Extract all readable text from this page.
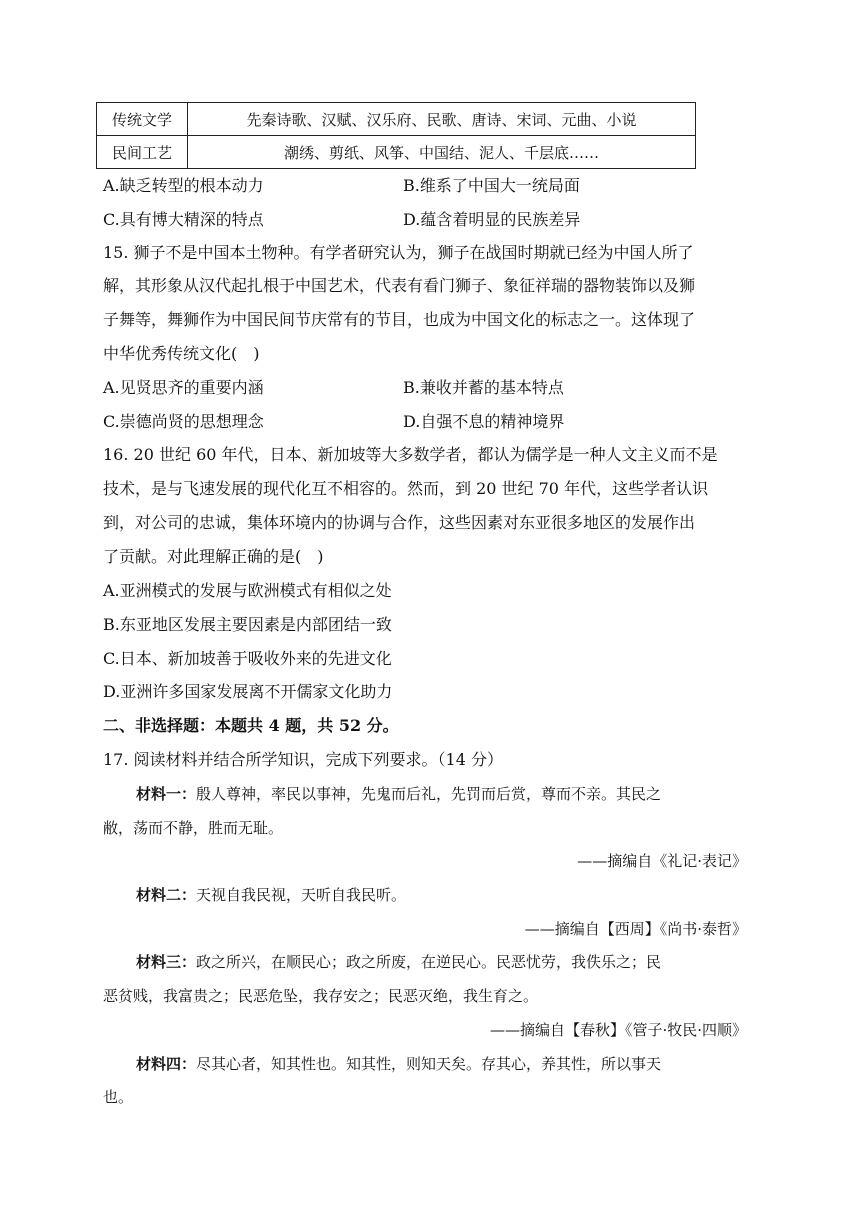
传统文学	先秦诗歌、汉赋、汉乐府、民歌、唐诗、宋词、元曲、小说
民间工艺	潮绣、剪纸、风筝、中国结、泥人、千层底……
A.缺乏转型的根本动力	B.维系了中国大一统局面
C.具有博大精深的特点	D.蕴含着明显的民族差异
15. 狮子不是中国本土物种。有学者研究认为，狮子在战国时期就已经为中国人所了
解，其形象从汉代起扎根于中国艺术，代表有看门狮子、象征祥瑞的器物装饰以及狮
子舞等，舞狮作为中国民间节庆常有的节目，也成为中国文化的标志之一。这体现了
中华优秀传统文化(　)
A.见贤思齐的重要内涵	B.兼收并蓄的基本特点
C.崇德尚贤的思想理念	D.自强不息的精神境界
16. 20 世纪 60 年代，日本、新加坡等大多数学者，都认为儒学是一种人文主义而不是
技术，是与飞速发展的现代化互不相容的。然而，到 20 世纪 70 年代，这些学者认识
到，对公司的忠诚，集体环境内的协调与合作，这些因素对东亚很多地区的发展作出
了贡献。对此理解正确的是(　)
A.亚洲模式的发展与欧洲模式有相似之处
B.东亚地区发展主要因素是内部团结一致
C.日本、新加坡善于吸收外来的先进文化
D.亚洲许多国家发展离不开儒家文化助力
二、非选择题：本题共 4 题，共 52 分。
17. 阅读材料并结合所学知识，完成下列要求。（14 分）
材料一：殷人尊神，率民以事神，先鬼而后礼，先罚而后赏，尊而不亲。其民之
敝，荡而不静，胜而无耻。
——摘编自《礼记·表记》
材料二：天视自我民视，天听自我民听。
——摘编自【西周】《尚书·泰哲》
材料三：政之所兴，在顺民心；政之所废，在逆民心。民恶忧劳，我佚乐之；民
恶贫贱，我富贵之；民恶危坠，我存安之；民恶灭绝，我生育之。
——摘编自【春秋】《管子·牧民·四顺》
材料四：尽其心者，知其性也。知其性，则知天矣。存其心，养其性，所以事天
也。
